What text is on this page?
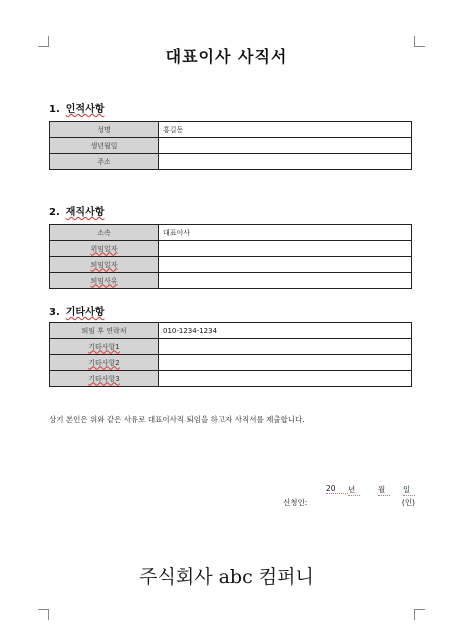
대표이사 사직서
1. 인적사항
성명	홍길동
생년월일	
주소	
2. 재직사항
소속	대표이사
위임일자	
퇴임일자	
퇴임사유	
3. 기타사항
퇴임 후 연락처	010-1234-1234
기타사항1	
기타사항2	
기타사항3	
상기 본인은 위와 같은 사유로 대표이사직 퇴임을 하고자 사직서를 제출합니다.
20	년	월	일
신청인:	(인)
주식회사 abc 컴퍼니
